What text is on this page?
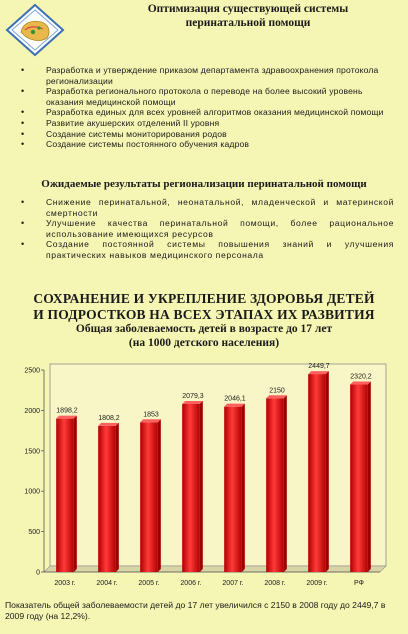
Оптимизация существующей системы
перинатальной помощи
•	Разработка и утверждение приказом департамента здравоохранения протокола регионализации
•	Разработка регионального протокола о переводе на более высокий уровень оказания медицинской помощи
•	Разработка единых для всех уровней алгоритмов оказания медицинской помощи
•	Развитие акушерских отделений II уровня
•	Создание системы мониторирования родов
•	Создание системы постоянного обучения кадров
Ожидаемые результаты регионализации перинатальной помощи
• Снижение перинатальной, неонатальной, младенческой и материнской смертности
• Улучшение качества перинатальной помощи, более рациональное использование имеющихся ресурсов
• Создание постоянной системы повышения знаний и улучшения практических навыков медицинского персонала
СОХРАНЕНИЕ И УКРЕПЛЕНИЕ ЗДОРОВЬЯ ДЕТЕЙ
И ПОДРОСТКОВ НА ВСЕХ ЭТАПАХ ИХ РАЗВИТИЯ
Общая заболеваемость детей в возрасте до 17 лет
(на 1000 детского населения)
0
500
1000
1500
2000
2500
1898,2
2003 г.
1808,2
2004 г.
1853
2005 г.
2079,3
2006 г.
2046,1
2007 г.
2150
2008 г.
2449,7
2009 г.
2320,2
РФ
Показатель общей заболеваемости детей до 17 лет увеличился с 2150 в 2008 году до 2449,7 в 2009 году (на 12,2%).
